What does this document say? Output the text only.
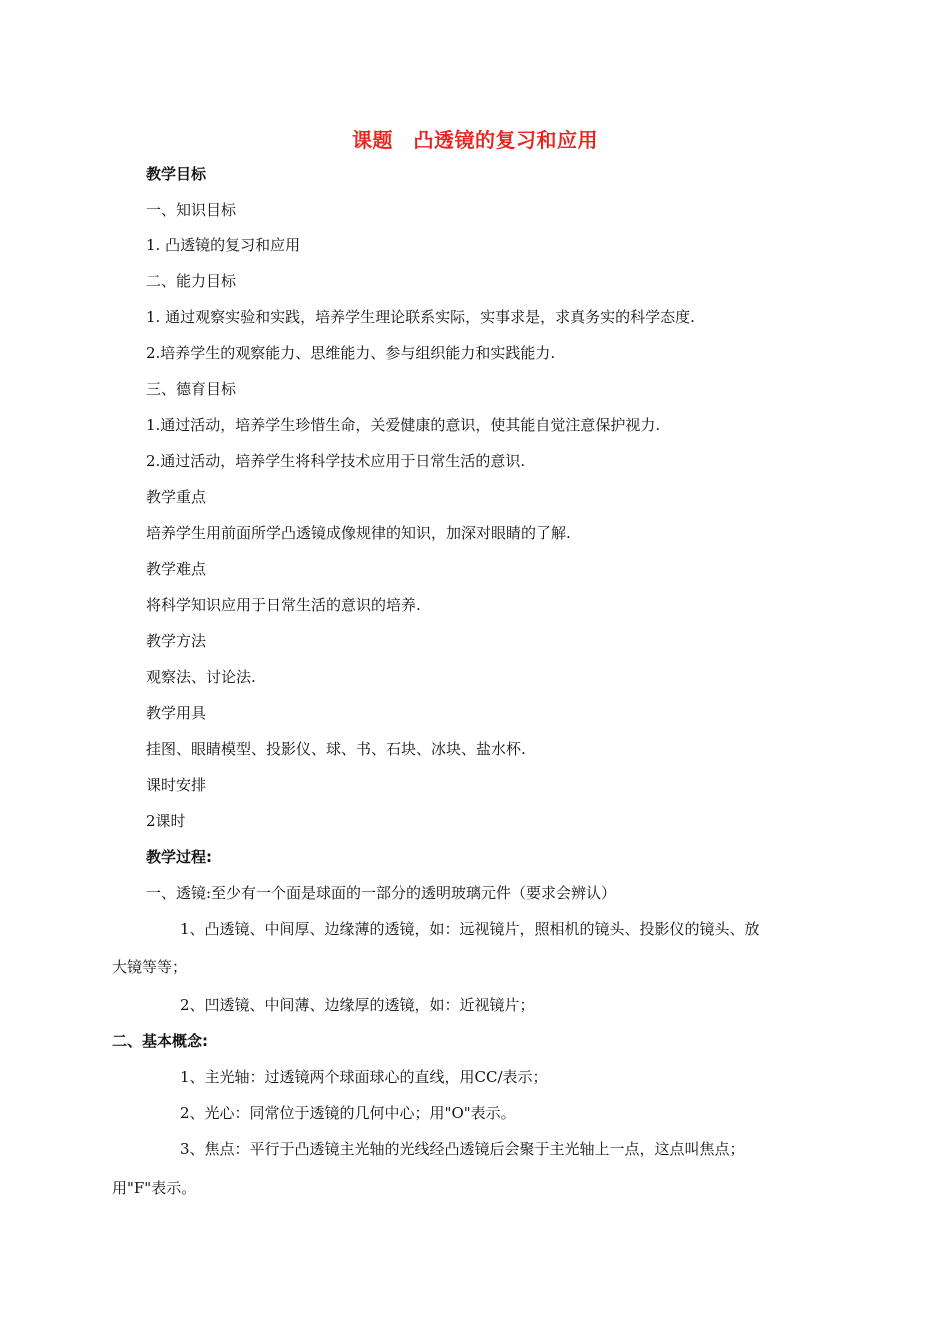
课题　凸透镜的复习和应用
教学目标
一、知识目标
1. 凸透镜的复习和应用
二、能力目标
1. 通过观察实验和实践，培养学生理论联系实际，实事求是，求真务实的科学态度.
2.培养学生的观察能力、思维能力、参与组织能力和实践能力.
三、德育目标
1.通过活动，培养学生珍惜生命，关爱健康的意识，使其能自觉注意保护视力.
2.通过活动，培养学生将科学技术应用于日常生活的意识.
教学重点
培养学生用前面所学凸透镜成像规律的知识，加深对眼睛的了解.
教学难点
将科学知识应用于日常生活的意识的培养.
教学方法
观察法、讨论法.
教学用具
挂图、眼睛模型、投影仪、球、书、石块、冰块、盐水杯.
课时安排
2课时
教学过程:
一、透镜:至少有一个面是球面的一部分的透明玻璃元件（要求会辨认）
1、凸透镜、中间厚、边缘薄的透镜，如：远视镜片，照相机的镜头、投影仪的镜头、放
大镜等等；
2、凹透镜、中间薄、边缘厚的透镜，如：近视镜片；
二、基本概念:
1、主光轴：过透镜两个球面球心的直线，用CC/表示；
2、光心：同常位于透镜的几何中心；用"O"表示。
3、焦点：平行于凸透镜主光轴的光线经凸透镜后会聚于主光轴上一点，这点叫焦点；
用"F"表示。
